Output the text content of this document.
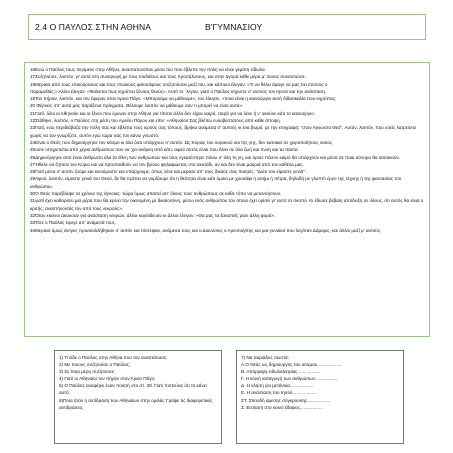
2.4 Ο ΠΑΥΛΟΣ ΣΤΗΝ ΑΘΗΝΑ	Β'ΓΥΜΝΑΣΙΟΥ

16Ενώ ο Παύλος τους περίμενε στην Αθήνα, αναστατωνόταν μέσα του που έβλεπε την πόλη να είναι γεμάτη είδωλα.

17Συζητούσε, λοιπόν, γι' αυτά στη συναγωγή με τους Ιουδαίους και τους προσήλυτους, και στην αγορά κάθε μέρα μ' όσους συναντούσε.

18Μερικοί από τους επικούρειους και τους στωικούς φιλοσόφους συζητούσαν μαζί του, και κάποιοι έλεγαν: «Τι να θέλει άραγε να μας πει ετούτος ο

παραμυθάς;» Άλλοι έλεγαν: «Φαίνεται πως κηρύττει ξένους θεούς». Αυτό το ´λεγαν, γιατί ο Παύλος κήρυττε σ' αυτούς τον Ιησού και την ανάσταση.

19Τον πήραν, λοιπόν, και τον έφεραν στον Άρειο Πάγο. «Μπορούμε να μάθουμε», τον έλεγαν, «ποια είναι η καινούργια αυτή διδασκαλία που κηρύττεις;

20 Φέρνεις σπ' αυτά μας παράξενα πράγματα. Θέλουμε λοιπόν να μάθουμε σαν τι μπορεί να είναι αυτά».

21Γιατί, όλοι οι Αθηναίοι και οι ξένοι που έμεναν στην Αθήνα για τίποτε άλλο δεν είχαν καιρό, παρά για να λένε ή ν' ακούνε κάτι το καινούργιο.

22Στάθηκε, λοιπόν, ο Παύλος στη μέση του Αρείου Πάγου και είπε: «Αθηναίοι! Σας βλέπω ευλαβέστατους από κάθε άποψη.

23Γιατί, ενώ περιδιάβαζα την πόλη σας και έβλεπα τους ιερούς σας τόπους, βρήκα ανάμεσα σ' αυτούς κι ένα βωμό, με την επιγραφή: "στον Άγνωστο Θεό". Αυτόν, λοιπόν, που εσείς λατρεύετε χωρίς να τον γνωρίζετε, αυτόν εγώ τώρα σας τον κάνω γνωστό.

24Είναι ο Θεός που δημιούργησε τον κόσμο κι όλα όσα υπάρχουν σ' αυτόν. Ως Κύριος του ουρανού και της γης, δεν κατοικεί σε χειροποίητους ναούς.

25ούτε υπηρετείται από χέρια ανθρώπων σαν να 'χει ανάγκη από κάτι, αφού αυτός είναι που δίνει σε όλα ζωή και πνοή και τα πάντα.

26Δημιούργησε από έναν άνθρωπο όλα τα έθνη των ανθρώπων και τους εγκατέστησε πάνω σ' όλη τη γη, και όρισε πόσον καιρό θα υπάρχουν και μέσα σε ποια σύνορα θα κατοικούν.

27Ήθελε να ζητούν τον Κύριο και να προσπαθούν να τον βρουν ψηλαφώντας στο σκοτάδι, αν και δεν είναι μακριά από τον καθένα μας.

28Γιατί μέσα σ' αυτόν ζούμε και κινούμαστε και υπάρχουμε, όπως λένε και μερικοί απ' τους δικούς σας ποιητές: "Διότι του είμαστε γενιά".

29Αφού, λοιπόν, είμαστε γενιά του Θεού, δε θα πρέπει να νομίζουμε ότι η θεότητα είναι κάτι όμοιο με χρυσάφι ή ασήμι ή πέτρα, δηλαδή με γλυπτό έργο της τέχνης ή της φαντασίας του ανθρώπου.

30Ο Θεός παρέβλεψε τα χρόνια της άγνοιας· τώρα όμως απαιτεί απ' όλους τους ανθρώπους σε κάθε τόπο να μετανοήσουν,

31γιατί έχει καθορίσει μια μέρα που θα κρίνει την οικουμένη με δικαιοσύνη, μέσω ενός ανθρώπου τον οποίο έχει ορίσει γι' αυτό το σκοπό. Κι έδωσε βέβαιη απόδειξη σε όλους, ότι αυτός θα είναι ο κριτής, αναστήνοντάς τον από τους νεκρούς».

32Όταν εκείνοι άκουσαν για ανάσταση νεκρών, άλλοι κορόιδευαν κι άλλοι έλεγαν: «Θα μας τα ξαναπείς μιαν άλλη φορά».

33Τότε ο Παύλος έφυγε απ' ανάμεσά τους.

34Μερικοί όμως άντρες προσκολλήθηκαν σ' αυτόν και πίστεψαν, ανάμεσα τους και ο Διονύσιος ο Αρεοπαγίτης και μια γυναίκα που λεγόταν Δάμαρις, και άλλοι μαζί μ' αυτούς.

1) Τι είδε ο Παύλος στην Αθήνα που τον αναστάτωσε;

2) Με ποιους συζητούσε ο Παύλος;

3) Σε ποια μέρη συζητούσε;

4) Γιατί οι Αθηναίοι τον πήγαν στον Άρειο Πάγο;

5) Ο Παύλος αναφέρει έναν ποιητή στο στ. 28. Γιατί πιστεύεις ότι το κάνει αυτό;

6)Ποια ήταν η αντίδραση των Αθηναίων στην ομιλία; Γράψε τις διαφορετικές αντιδράσεις

7) Να ταιριάξεις σωστά:

Α.Ο Θεός ως δημιουργός του κόσμου ..................

Β. Απόρριψη ειδωλολατρίας..................

Γ. Η κοινή καταγωγή των ανθρώπων..................

Δ. Η κλήση για μετάνοια..................

Ε. Η ανάσταση του Ιησού ..................

ΣΤ. Σπουδή αμεσης σύγκρουσης..................

Ζ. Εστίαση στο κοινό έδαφος..................
